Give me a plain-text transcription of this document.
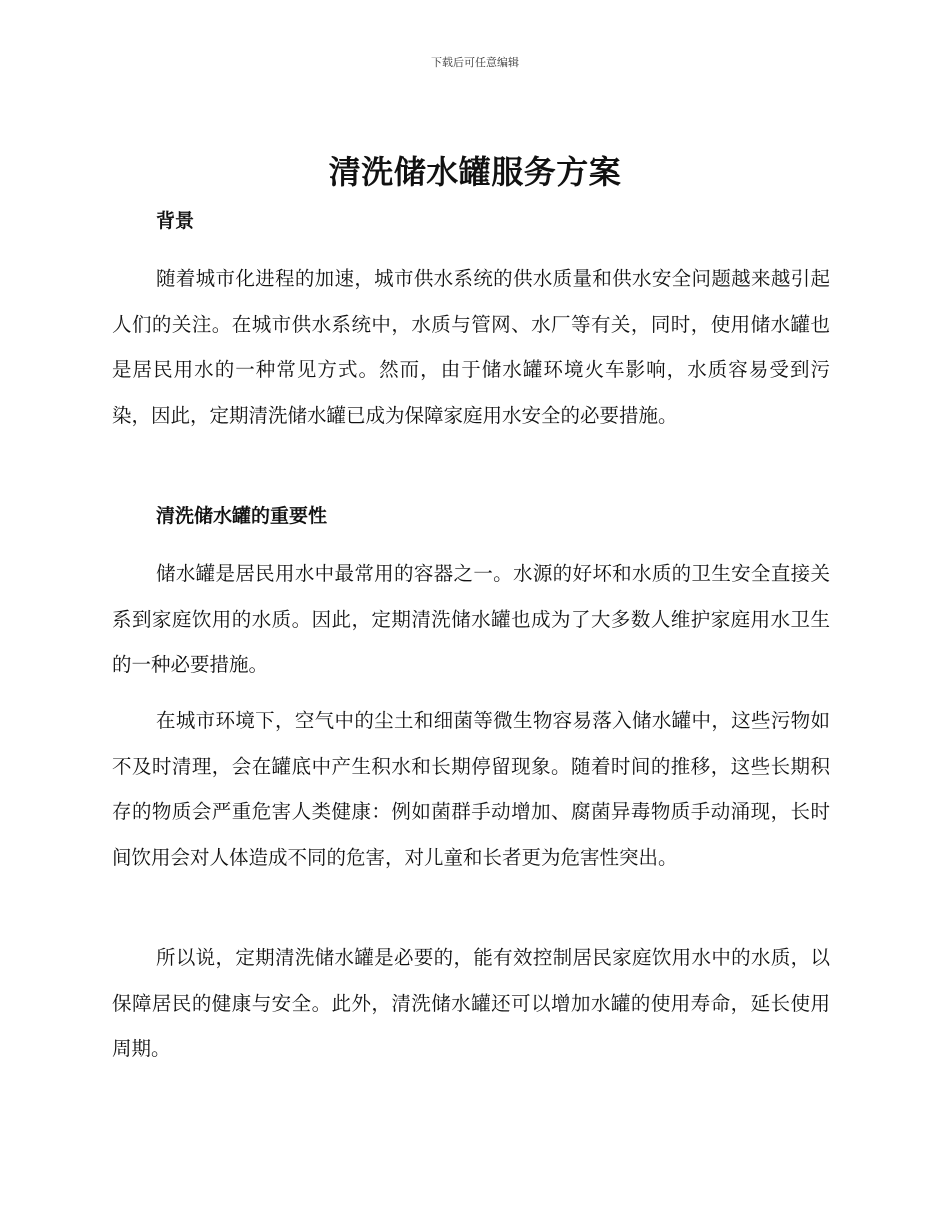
下载后可任意编辑
清洗储水罐服务方案
背景

随着城市化进程的加速，城市供水系统的供水质量和供水安全问题越来越引起人们的关注。在城市供水系统中，水质与管网、水厂等有关，同时，使用储水罐也是居民用水的一种常见方式。然而，由于储水罐环境火车影响，水质容易受到污染，因此，定期清洗储水罐已成为保障家庭用水安全的必要措施。

清洗储水罐的重要性

储水罐是居民用水中最常用的容器之一。水源的好坏和水质的卫生安全直接关系到家庭饮用的水质。因此，定期清洗储水罐也成为了大多数人维护家庭用水卫生的一种必要措施。

在城市环境下，空气中的尘土和细菌等微生物容易落入储水罐中，这些污物如不及时清理，会在罐底中产生积水和长期停留现象。随着时间的推移，这些长期积存的物质会严重危害人类健康：例如菌群手动增加、腐菌异毒物质手动涌现，长时间饮用会对人体造成不同的危害，对儿童和长者更为危害性突出。

所以说，定期清洗储水罐是必要的，能有效控制居民家庭饮用水中的水质，以保障居民的健康与安全。此外，清洗储水罐还可以增加水罐的使用寿命，延长使用周期。
